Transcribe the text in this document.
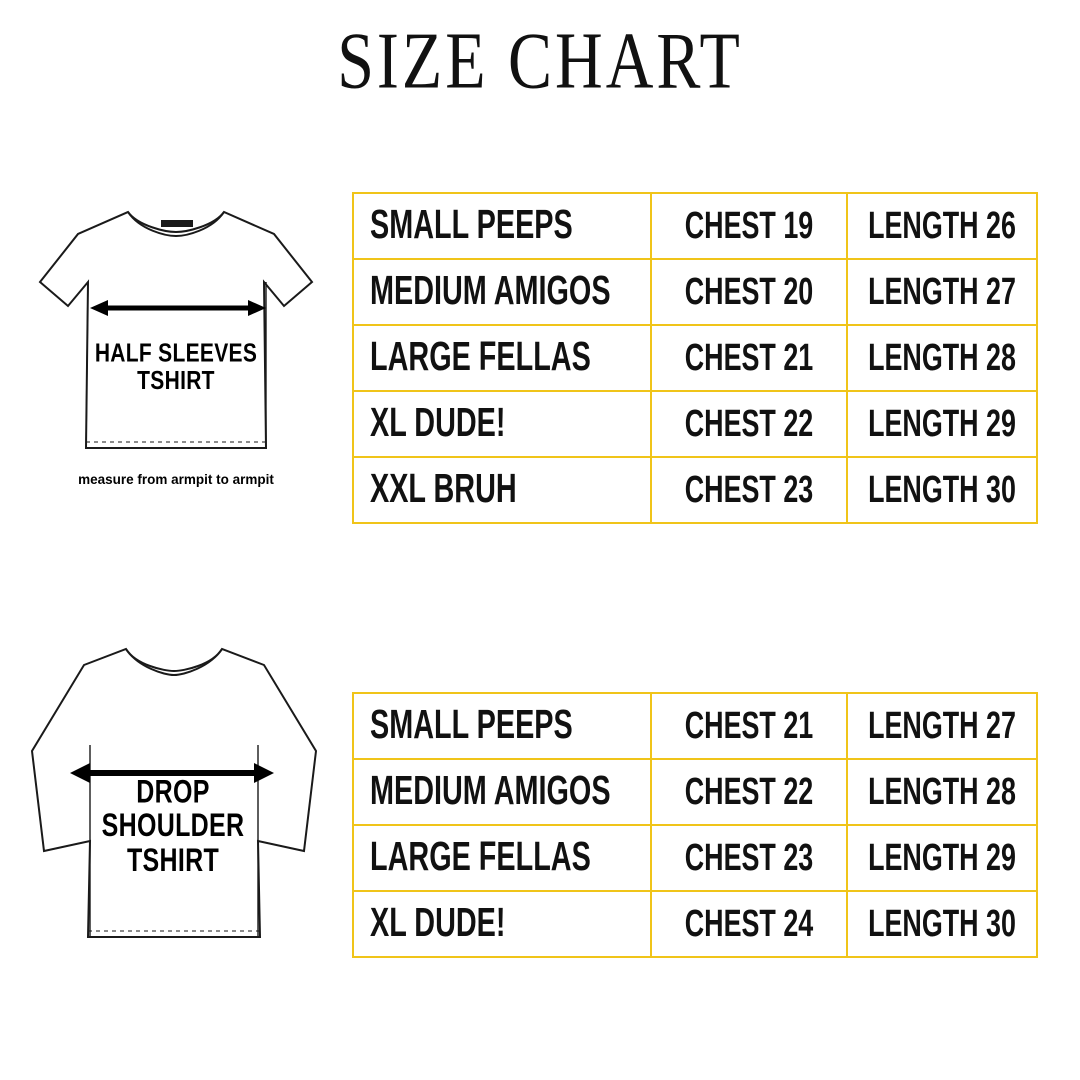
SIZE CHART
HALF SLEEVES
TSHIRT
measure from armpit to armpit
DROP
SHOULDER
TSHIRT
SMALL PEEPS	CHEST 19	LENGTH 26

MEDIUM AMIGOS	CHEST 20	LENGTH 27

LARGE FELLAS	CHEST 21	LENGTH 28

XL DUDE!	CHEST 22	LENGTH 29

XXL BRUH	CHEST 23	LENGTH 30
SMALL PEEPS	CHEST 21	LENGTH 27

MEDIUM AMIGOS	CHEST 22	LENGTH 28

LARGE FELLAS	CHEST 23	LENGTH 29

XL DUDE!	CHEST 24	LENGTH 30
